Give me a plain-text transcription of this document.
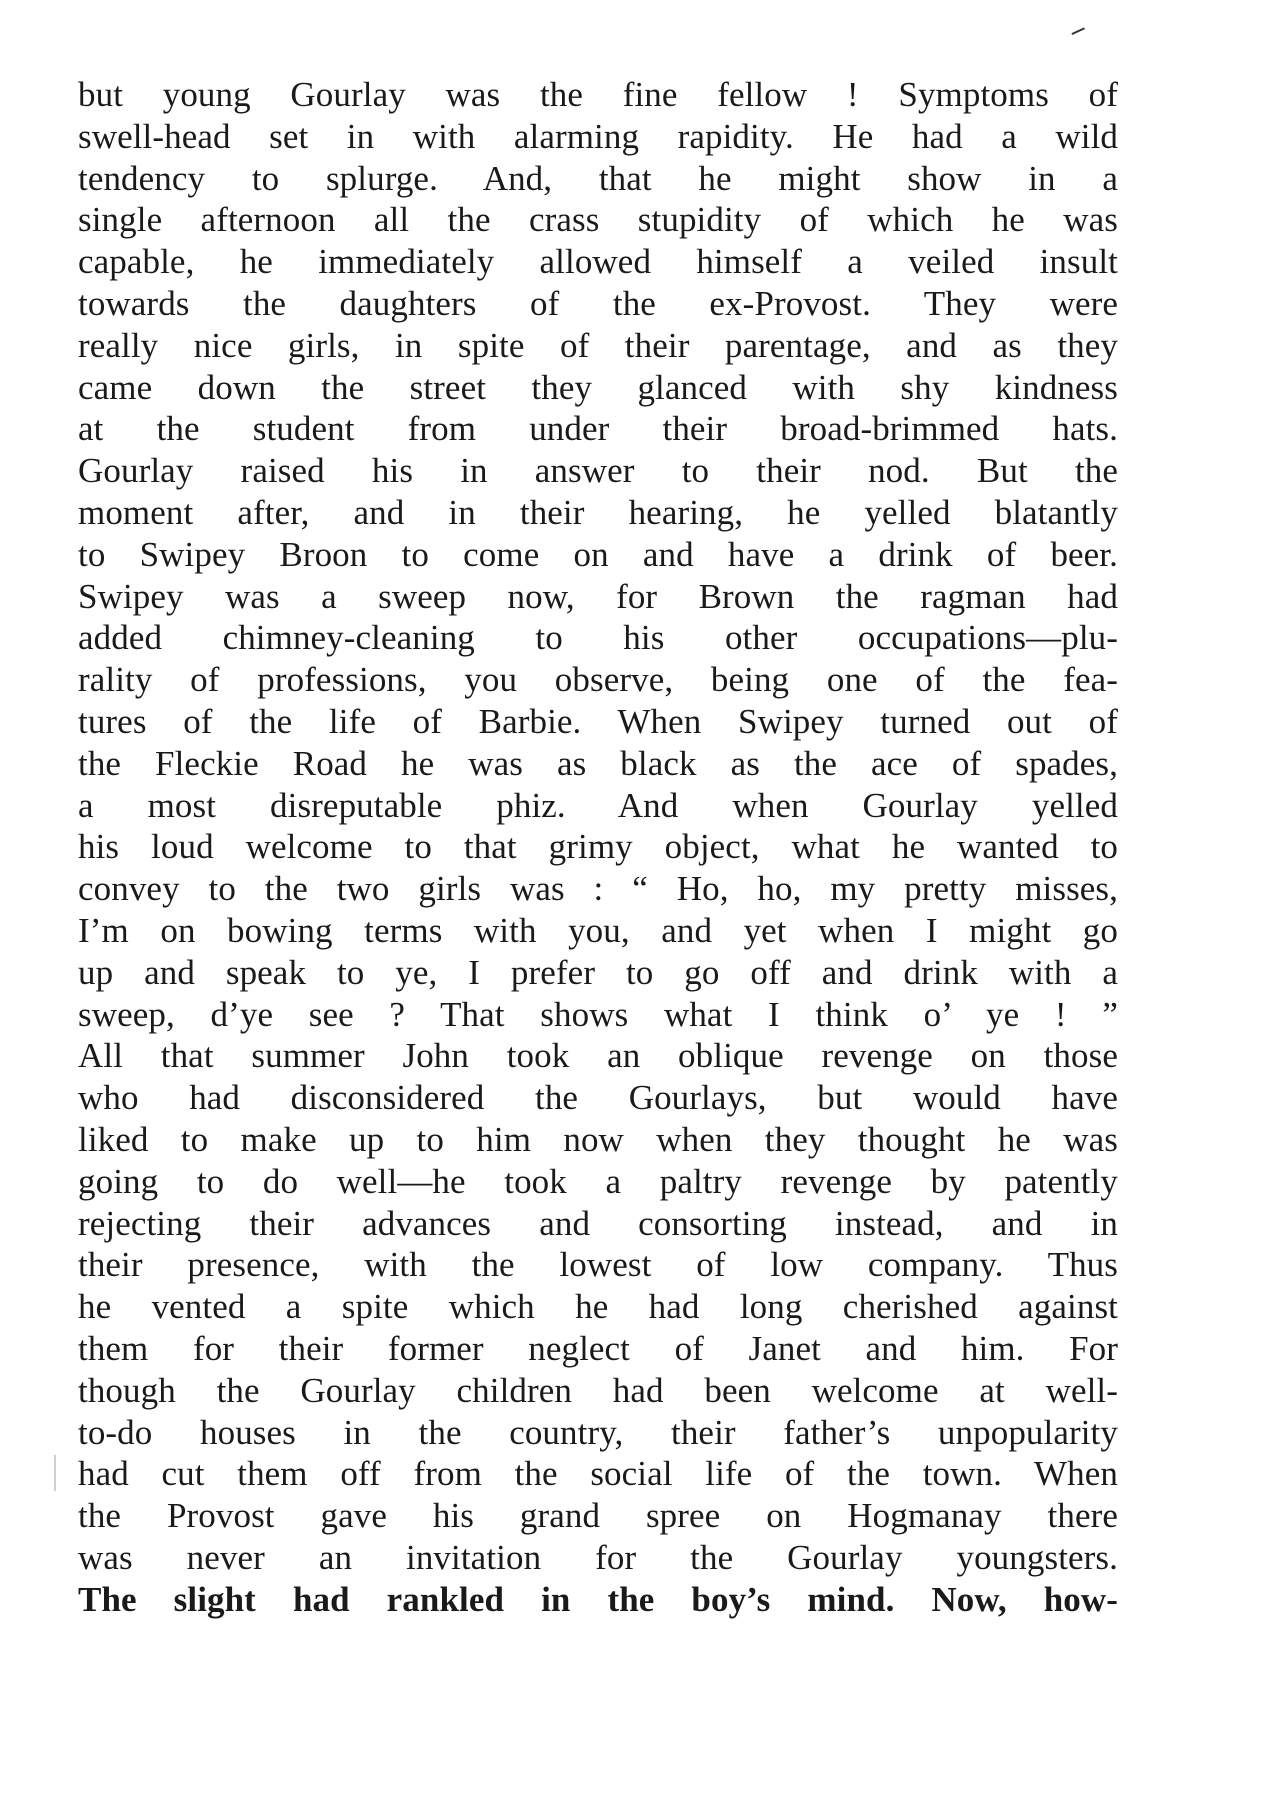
but young Gourlay was the fine fellow ! Symptoms of
swell-head set in with alarming rapidity. He had a wild
tendency to splurge. And, that he might show in a
single afternoon all the crass stupidity of which he was
capable, he immediately allowed himself a veiled insult
towards the daughters of the ex-Provost. They were
really nice girls, in spite of their parentage, and as they
came down the street they glanced with shy kindness
at the student from under their broad-brimmed hats.
Gourlay raised his in answer to their nod. But the
moment after, and in their hearing, he yelled blatantly
to Swipey Broon to come on and have a drink of beer.
Swipey was a sweep now, for Brown the ragman had
added chimney-cleaning to his other occupations—plu-
rality of professions, you observe, being one of the fea-
tures of the life of Barbie. When Swipey turned out of
the Fleckie Road he was as black as the ace of spades,
a most disreputable phiz. And when Gourlay yelled
his loud welcome to that grimy object, what he wanted to
convey to the two girls was : “ Ho, ho, my pretty misses,
I’m on bowing terms with you, and yet when I might go
up and speak to ye, I prefer to go off and drink with a
sweep, d’ye see ? That shows what I think o’ ye ! ”
All that summer John took an oblique revenge on those
who had disconsidered the Gourlays, but would have
liked to make up to him now when they thought he was
going to do well—he took a paltry revenge by patently
rejecting their advances and consorting instead, and in
their presence, with the lowest of low company. Thus
he vented a spite which he had long cherished against
them for their former neglect of Janet and him. For
though the Gourlay children had been welcome at well-
to-do houses in the country, their father’s unpopularity
had cut them off from the social life of the town. When
the Provost gave his grand spree on Hogmanay there
was never an invitation for the Gourlay youngsters.
The slight had rankled in the boy’s mind. Now, how-
